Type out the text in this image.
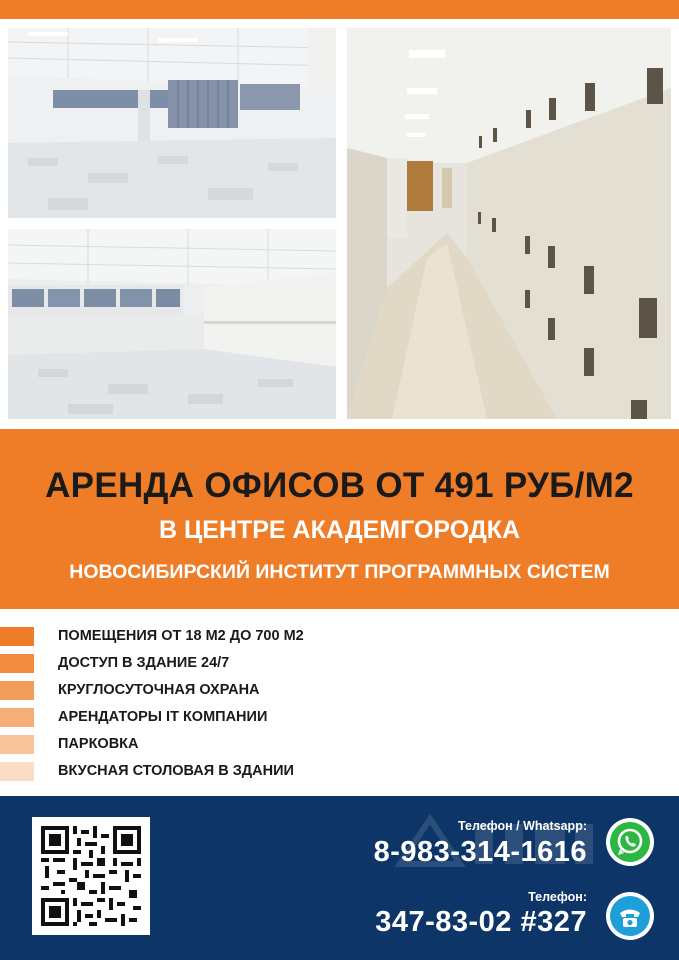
АРЕНДА ОФИСОВ ОТ 491 РУБ/М2
В ЦЕНТРЕ АКАДЕМГОРОДКА
НОВОСИБИРСКИЙ ИНСТИТУТ ПРОГРАММНЫХ СИСТЕМ
ПОМЕЩЕНИЯ ОТ 18 М2 ДО 700 М2
ДОСТУП В ЗДАНИЕ 24/7
КРУГЛОСУТОЧНАЯ ОХРАНА
АРЕНДАТОРЫ IT КОМПАНИИ
ПАРКОВКА
ВКУСНАЯ СТОЛОВАЯ В ЗДАНИИ
Телефон / Whatsapp:
8-983-314-1616
Телефон:
347-83-02 #327
